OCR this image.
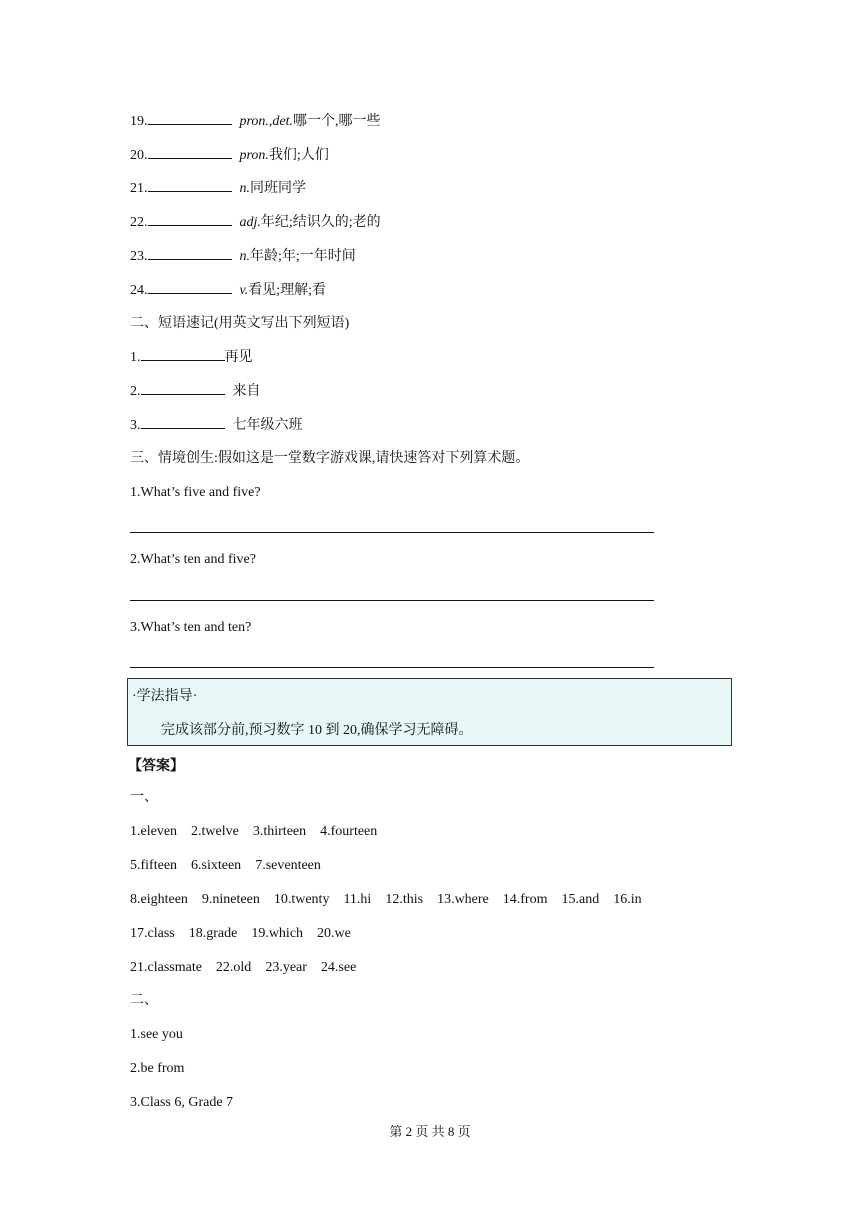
19.	pron.,det.哪一个,哪一些
20.	pron.我们;人们
21.	n.同班同学
22.	adj.年纪;结识久的;老的
23.	n.年龄;年;一年时间
24.	v.看见;理解;看
二、短语速记(用英文写出下列短语)
1.	再见
2.	来自
3.	七年级六班
三、情境创生:假如这是一堂数字游戏课,请快速答对下列算术题。
1.What’s five and five?
2.What’s ten and five?
3.What’s ten and ten?
·学法指导·
完成该部分前,预习数字 10 到 20,确保学习无障碍。
【答案】
一、
1.eleven 2.twelve 3.thirteen 4.fourteen
5.fifteen 6.sixteen 7.seventeen
8.eighteen 9.nineteen 10.twenty 11.hi 12.this 13.where 14.from 15.and 16.in
17.class 18.grade 19.which 20.we
21.classmate 22.old 23.year 24.see
二、
1.see you
2.be from
3.Class 6, Grade 7
第 2 页 共 8 页
